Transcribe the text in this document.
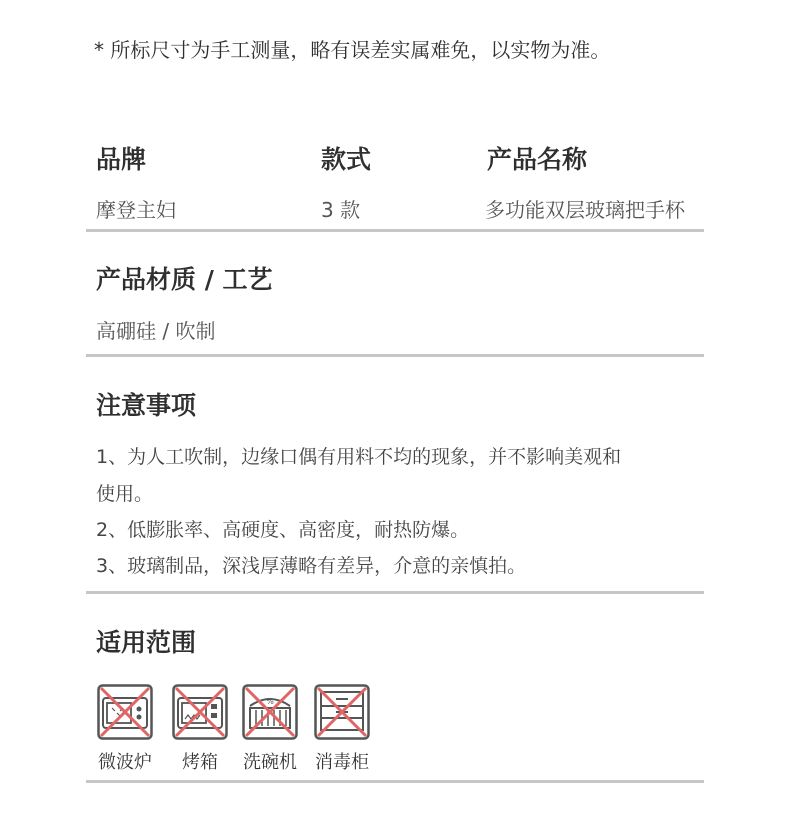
* 所标尺寸为手工测量，略有误差实属难免，以实物为准。
品牌	款式	产品名称
摩登主妇	3 款	多功能双层玻璃把手杯
产品材质 / 工艺
高硼硅 / 吹制
注意事项
1、为人工吹制，边缘口偶有用料不均的现象，并不影响美观和
使用。
2、低膨胀率、高硬度、高密度，耐热防爆。
3、玻璃制品，深浅厚薄略有差异，介意的亲慎拍。
适用范围
微波炉	烤箱
%
洗碗机	消毒柜
